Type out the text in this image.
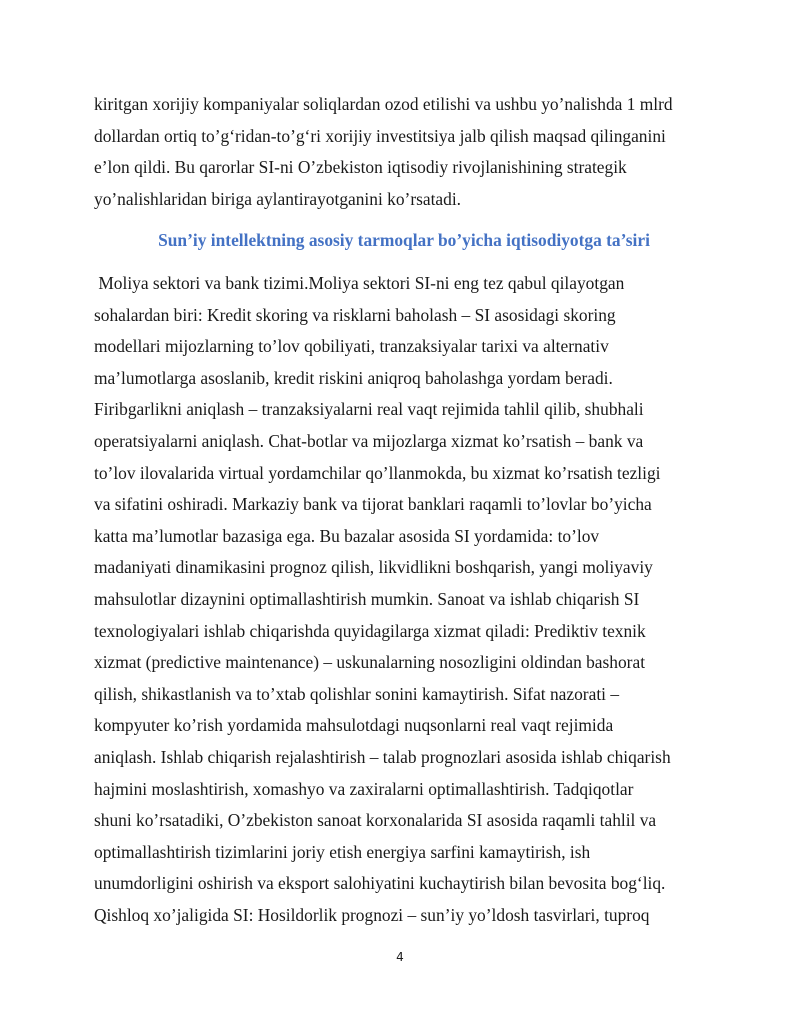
kiritgan xorijiy kompaniyalar soliqlardan ozod etilishi va ushbu yo’nalishda 1 mlrd
dollardan ortiq to’g‘ridan-to’g‘ri xorijiy investitsiya jalb qilish maqsad qilinganini
e’lon qildi. Bu qarorlar SI-ni O’zbekiston iqtisodiy rivojlanishining strategik
yo’nalishlaridan biriga aylantirayotganini ko’rsatadi.

Sun’iy intellektning asosiy tarmoqlar bo’yicha iqtisodiyotga ta’siri

Moliya sektori va bank tizimi.Moliya sektori SI-ni eng tez qabul qilayotgan
sohalardan biri: Kredit skoring va risklarni baholash – SI asosidagi skoring
modellari mijozlarning to’lov qobiliyati, tranzaksiyalar tarixi va alternativ
ma’lumotlarga asoslanib, kredit riskini aniqroq baholashga yordam beradi.
Firibgarlikni aniqlash – tranzaksiyalarni real vaqt rejimida tahlil qilib, shubhali
operatsiyalarni aniqlash. Chat-botlar va mijozlarga xizmat ko’rsatish – bank va
to’lov ilovalarida virtual yordamchilar qo’llanmokda, bu xizmat ko’rsatish tezligi
va sifatini oshiradi. Markaziy bank va tijorat banklari raqamli to’lovlar bo’yicha
katta ma’lumotlar bazasiga ega. Bu bazalar asosida SI yordamida: to’lov
madaniyati dinamikasini prognoz qilish, likvidlikni boshqarish, yangi moliyaviy
mahsulotlar dizaynini optimallashtirish mumkin. Sanoat va ishlab chiqarish SI
texnologiyalari ishlab chiqarishda quyidagilarga xizmat qiladi: Prediktiv texnik
xizmat (predictive maintenance) – uskunalarning nosozligini oldindan bashorat
qilish, shikastlanish va to’xtab qolishlar sonini kamaytirish. Sifat nazorati –
kompyuter ko’rish yordamida mahsulotdagi nuqsonlarni real vaqt rejimida
aniqlash. Ishlab chiqarish rejalashtirish – talab prognozlari asosida ishlab chiqarish
hajmini moslashtirish, xomashyo va zaxiralarni optimallashtirish. Tadqiqotlar
shuni ko’rsatadiki, O’zbekiston sanoat korxonalarida SI asosida raqamli tahlil va
optimallashtirish tizimlarini joriy etish energiya sarfini kamaytirish, ish
unumdorligini oshirish va eksport salohiyatini kuchaytirish bilan bevosita bog‘liq.
Qishloq xo’jaligida SI: Hosildorlik prognozi – sun’iy yo’ldosh tasvirlari, tuproq

4
